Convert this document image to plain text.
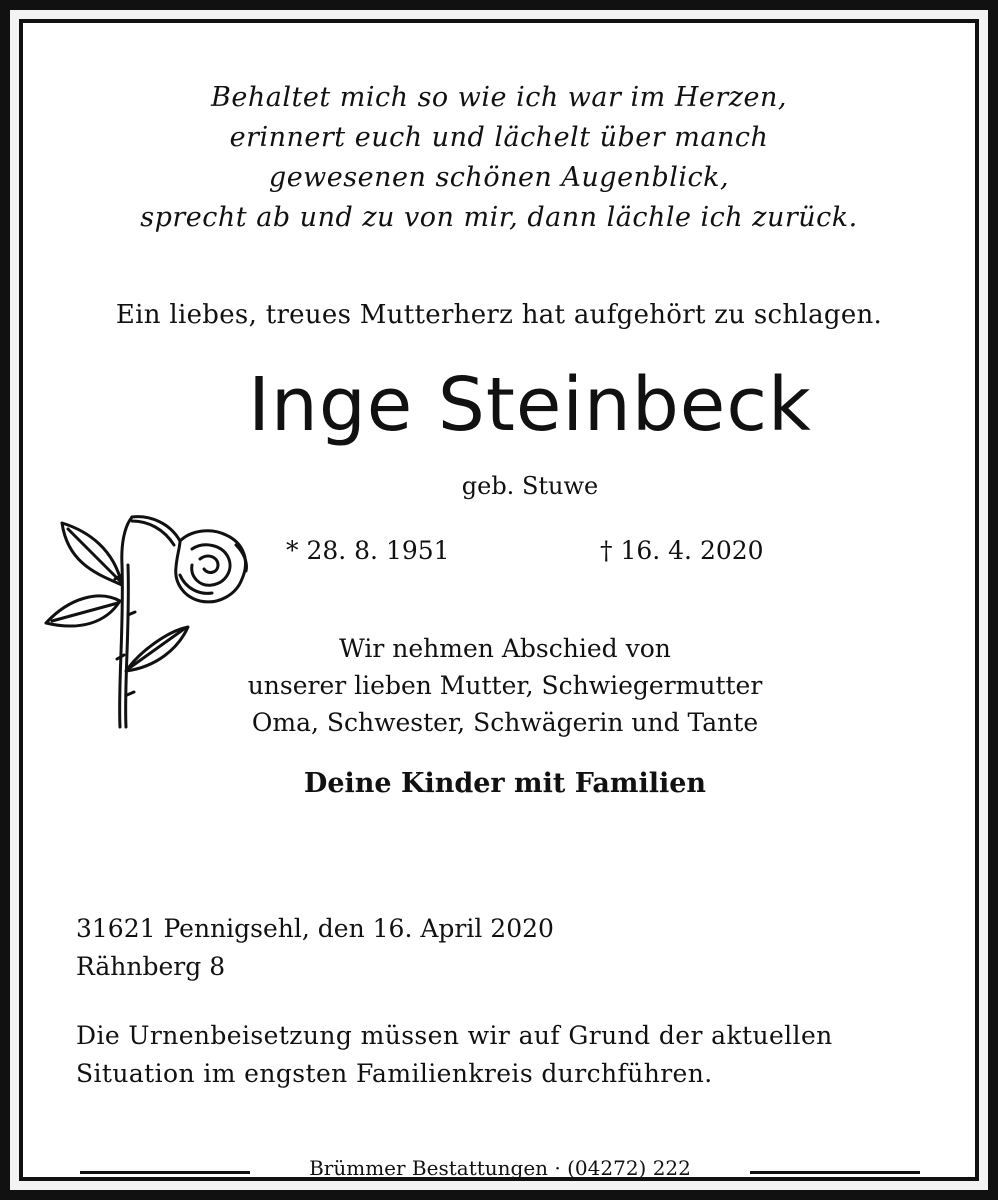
Behaltet mich so wie ich war im Herzen,
erinnert euch und lächelt über manch
gewesenen schönen Augenblick,
sprecht ab und zu von mir, dann lächle ich zurück.
Ein liebes, treues Mutterherz hat aufgehört zu schlagen.
Inge Steinbeck
geb. Stuwe
* 28. 8. 1951	† 16. 4. 2020
Wir nehmen Abschied von
unserer lieben Mutter, Schwiegermutter
Oma, Schwester, Schwägerin und Tante
Deine Kinder mit Familien
31621 Pennigsehl, den 16. April 2020
Rähnberg 8
Die Urnenbeisetzung müssen wir auf Grund der aktuellen
Situation im engsten Familienkreis durchführen.
Brümmer Bestattungen · (04272) 222
